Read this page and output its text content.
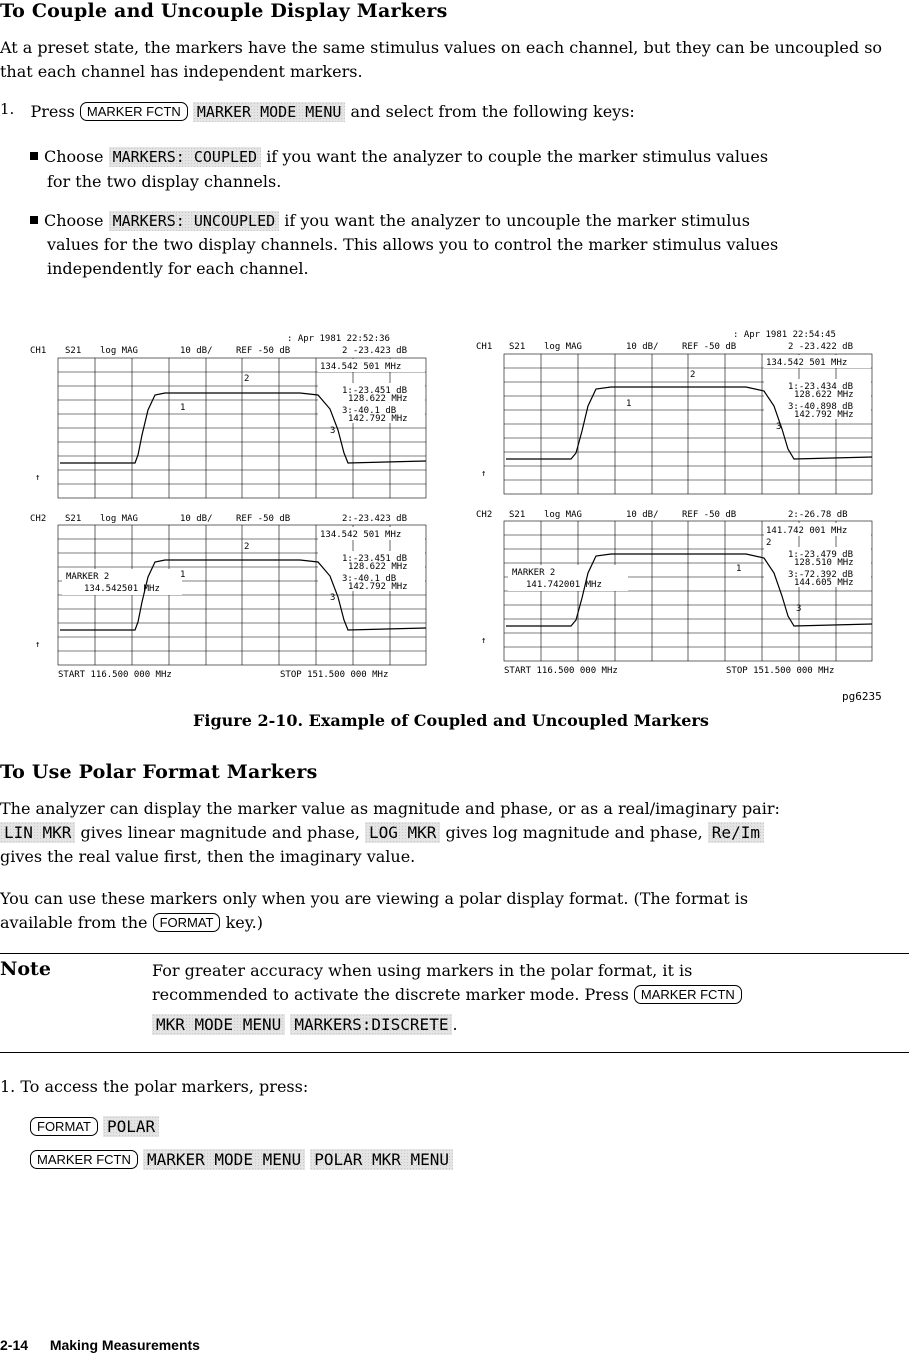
To Couple and Uncouple Display Markers
At a preset state, the markers have the same stimulus values on each channel, but they can be uncoupled so that each channel has independent markers.
1. Press MARKER FCTN MARKER MODE MENU and select from the following keys:
Choose MARKERS: COUPLED if you want the analyzer to couple the marker stimulus values
for the two display channels.
Choose MARKERS: UNCOUPLED if you want the analyzer to uncouple the marker stimulus
values for the two display channels. This allows you to control the marker stimulus values
independently for each channel.
: Apr 1981 22:52:36
CH1 S21 log MAG	10 dB/	REF -50 dB	2 -23.423 dB
134.542 501 MHz
1:-23.451 dB
128.622 MHz
3:-40.1 dB
142.792 MHz
1
2
3
↑
CH2 S21 log MAG	10 dB/	REF -50 dB	2:-23.423 dB
134.542 501 MHz
1:-23.451 dB
128.622 MHz
3:-40.1 dB
142.792 MHz
MARKER 2
134.542501 MHz
1
2
3
↑
START 116.500 000 MHz	STOP 151.500 000 MHz
: Apr 1981 22:54:45
CH1 S21 log MAG	10 dB/	REF -50 dB	2 -23.422 dB
134.542 501 MHz
1:-23.434 dB
128.622 MHz
3:-40.898 dB
142.792 MHz
1
2
3
↑
CH2 S21 log MAG	10 dB/	REF -50 dB	2:-26.78 dB
141.742 001 MHz
1:-23.479 dB
128.510 MHz
3:-72.392 dB
144.605 MHz
MARKER 2
141.742001 MHz
1
2
3
↑
START 116.500 000 MHz	STOP 151.500 000 MHz
pg6235
Figure 2-10. Example of Coupled and Uncoupled Markers
To Use Polar Format Markers
The analyzer can display the marker value as magnitude and phase, or as a real/imaginary pair:
LIN MKR gives linear magnitude and phase, LOG MKR gives log magnitude and phase, Re/Im
gives the real value first, then the imaginary value.
You can use these markers only when you are viewing a polar display format. (The format is
available from the FORMAT key.)
Note	For greater accuracy when using markers in the polar format, it is
recommended to activate the discrete marker mode. Press MARKER FCTN
MKR MODE MENU MARKERS:DISCRETE .
1. To access the polar markers, press:
FORMAT POLAR
MARKER FCTN MARKER MODE MENU POLAR MKR MENU
2-14 Making Measurements
